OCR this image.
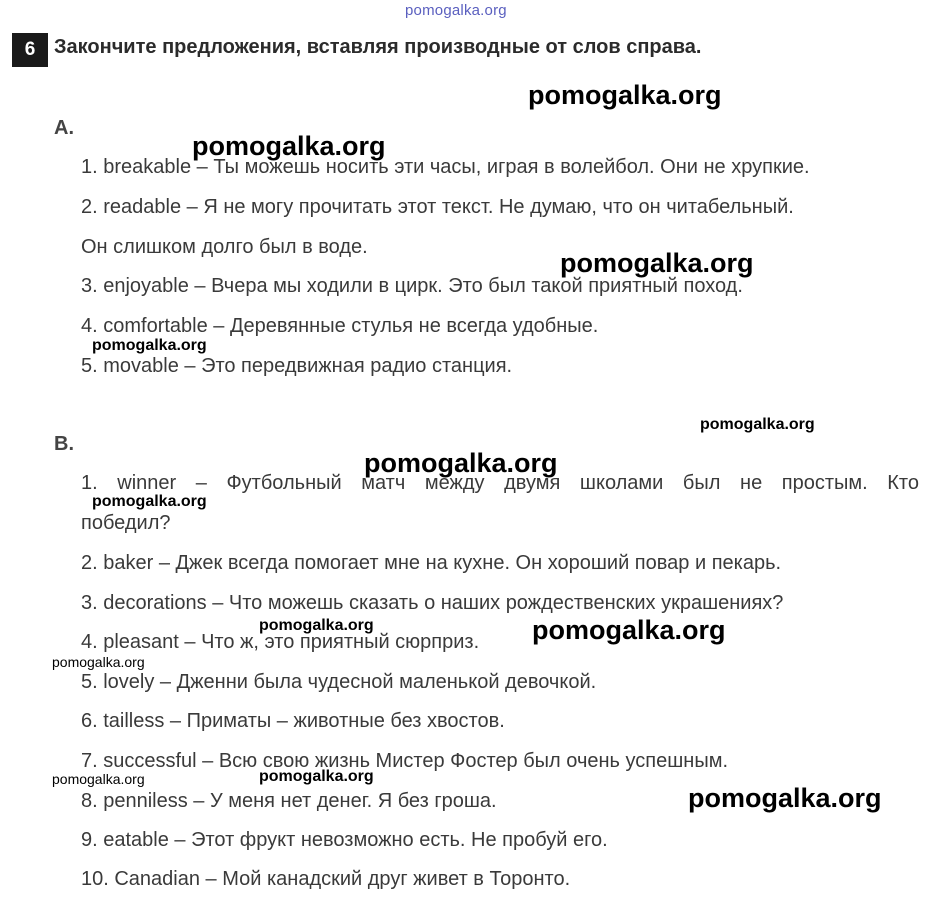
pomogalka.org
6 Закончите предложения, вставляя производные от слов справа.
A.
1. breakable – Ты можешь носить эти часы, играя в волейбол. Они не хрупкие.
2. readable – Я не могу прочитать этот текст. Не думаю, что он читабельный.
Он слишком долго был в воде.
3. enjoyable – Вчера мы ходили в цирк. Это был такой приятный поход.
4. comfortable – Деревянные стулья не всегда удобные.
5. movable – Это передвижная радио станция.
B.
1. winner – Футбольный матч между двумя школами был не простым. Кто
победил?
2. baker – Джек всегда помогает мне на кухне. Он хороший повар и пекарь.
3. decorations – Что можешь сказать о наших рождественских украшениях?
4. pleasant – Что ж, это приятный сюрприз.
5. lovely – Дженни была чудесной маленькой девочкой.
6. tailless – Приматы – животные без хвостов.
7. successful – Всю свою жизнь Мистер Фостер был очень успешным.
8. penniless – У меня нет денег. Я без гроша.
9. eatable – Этот фрукт невозможно есть. Не пробуй его.
10. Canadian – Мой канадский друг живет в Торонто.
pomogalka.org
pomogalka.org
pomogalka.org
pomogalka.org
pomogalka.org
pomogalka.org
pomogalka.org
pomogalka.org	pomogalka.org
pomogalka.org
pomogalka.org	pomogalka.org
pomogalka.org
